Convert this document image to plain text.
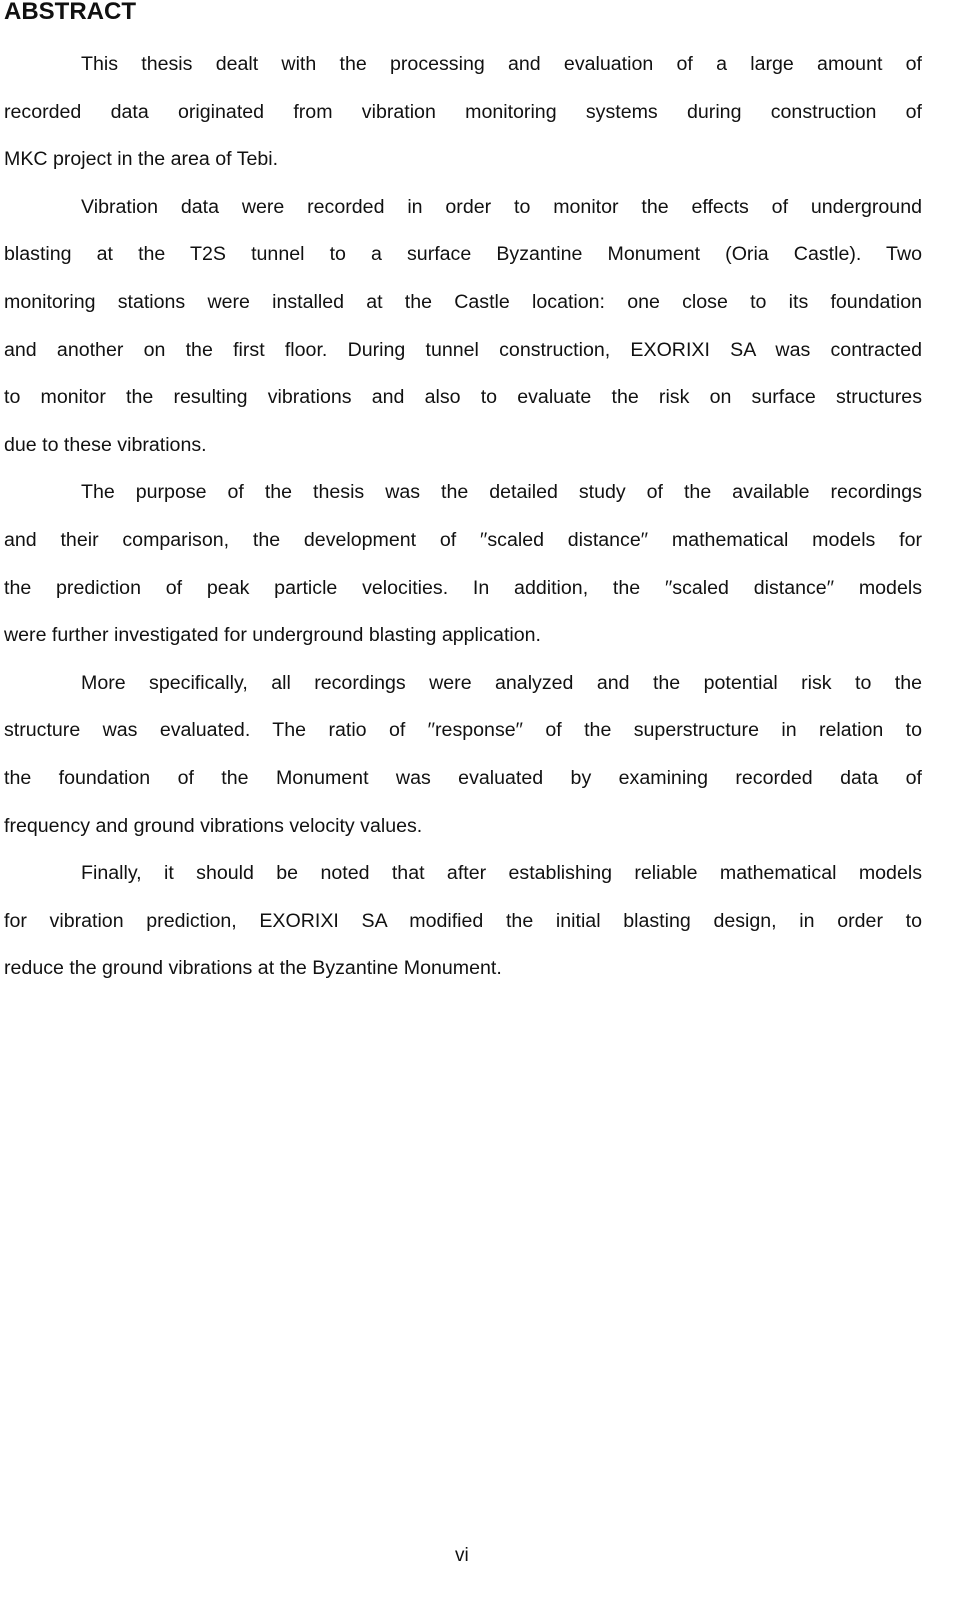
ABSTRACT
This thesis dealt with the processing and evaluation of a large amount of
recorded data originated from vibration monitoring systems during construction of
MKC project in the area of Tebi.
Vibration data were recorded in order to monitor the effects of underground
blasting at the T2S tunnel to a surface Byzantine Monument (Oria Castle). Two
monitoring stations were installed at the Castle location: one close to its foundation
and another on the first floor. During tunnel construction, EXORIXI SA was contracted
to monitor the resulting vibrations and also to evaluate the risk on surface structures
due to these vibrations.
The purpose of the thesis was the detailed study of the available recordings
and their comparison, the development of ′′scaled distance′′ mathematical models for
the prediction of peak particle velocities. In addition, the ′′scaled distance′′ models
were further investigated for underground blasting application.
More specifically, all recordings were analyzed and the potential risk to the
structure was evaluated. The ratio of ′′response′′ of the superstructure in relation to
the foundation of the Monument was evaluated by examining recorded data of
frequency and ground vibrations velocity values.
Finally, it should be noted that after establishing reliable mathematical models
for vibration prediction, EXORIXI SA modified the initial blasting design, in order to
reduce the ground vibrations at the Byzantine Monument.
vi
